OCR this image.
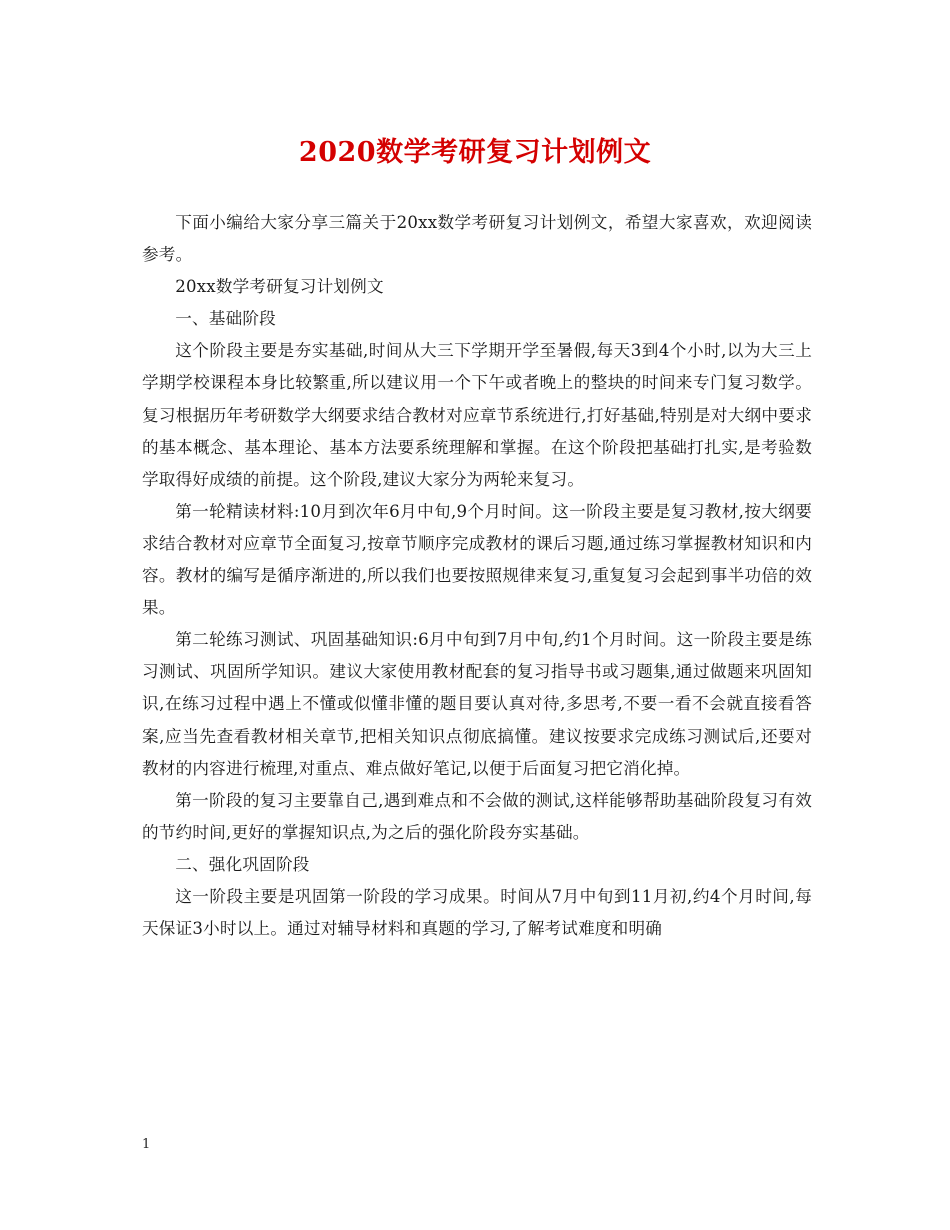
2020数学考研复习计划例文

下面小编给大家分享三篇关于20xx数学考研复习计划例文，希望大家喜欢，欢迎阅读参考。

20xx数学考研复习计划例文

一、基础阶段

这个阶段主要是夯实基础,时间从大三下学期开学至暑假,每天3到4个小时,以为大三上学期学校课程本身比较繁重,所以建议用一个下午或者晚上的整块的时间来专门复习数学。复习根据历年考研数学大纲要求结合教材对应章节系统进行,打好基础,特别是对大纲中要求的基本概念、基本理论、基本方法要系统理解和掌握。在这个阶段把基础打扎实,是考验数学取得好成绩的前提。这个阶段,建议大家分为两轮来复习。

第一轮精读材料:10月到次年6月中旬,9个月时间。这一阶段主要是复习教材,按大纲要求结合教材对应章节全面复习,按章节顺序完成教材的课后习题,通过练习掌握教材知识和内容。教材的编写是循序渐进的,所以我们也要按照规律来复习,重复复习会起到事半功倍的效果。

第二轮练习测试、巩固基础知识:6月中旬到7月中旬,约1个月时间。这一阶段主要是练习测试、巩固所学知识。建议大家使用教材配套的复习指导书或习题集,通过做题来巩固知识,在练习过程中遇上不懂或似懂非懂的题目要认真对待,多思考,不要一看不会就直接看答案,应当先查看教材相关章节,把相关知识点彻底搞懂。建议按要求完成练习测试后,还要对教材的内容进行梳理,对重点、难点做好笔记,以便于后面复习把它消化掉。

第一阶段的复习主要靠自己,遇到难点和不会做的测试,这样能够帮助基础阶段复习有效的节约时间,更好的掌握知识点,为之后的强化阶段夯实基础。

二、强化巩固阶段

这一阶段主要是巩固第一阶段的学习成果。时间从7月中旬到11月初,约4个月时间,每天保证3小时以上。通过对辅导材料和真题的学习,了解考试难度和明确

1
